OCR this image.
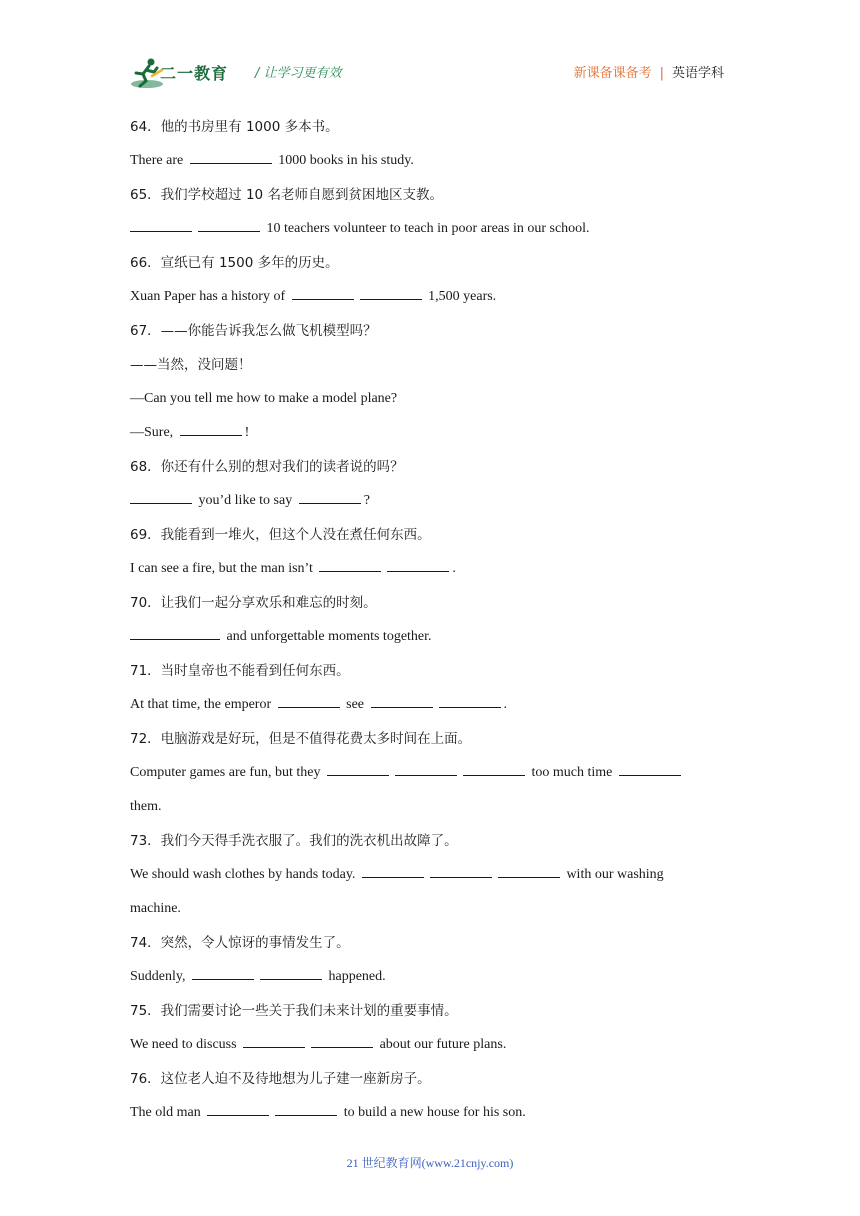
二一教育 / 让学习更有效	新课备课备考 | 英语学科
64．他的书房里有 1000 多本书。
There are	1000 books in his study.
65．我们学校超过 10 名老师自愿到贫困地区支教。
10 teachers volunteer to teach in poor areas in our school.
66．宣纸已有 1500 多年的历史。
Xuan Paper has a history of	1,500 years.
67．——你能告诉我怎么做飞机模型吗？
——当然，没问题！
—Can you tell me how to make a model plane?
—Sure,	!
68．你还有什么别的想对我们的读者说的吗？
you’d like to say	?
69．我能看到一堆火，但这个人没在煮任何东西。
I can see a fire, but the man isn’t	.
70．让我们一起分享欢乐和难忘的时刻。
and unforgettable moments together.
71．当时皇帝也不能看到任何东西。
At that time, the emperor	see	.
72．电脑游戏是好玩，但是不值得花费太多时间在上面。
Computer games are fun, but they	too much time
them.
73．我们今天得手洗衣服了。我们的洗衣机出故障了。
We should wash clothes by hands today.	with our washing
machine.
74．突然，令人惊讶的事情发生了。
Suddenly,	happened.
75．我们需要讨论一些关于我们未来计划的重要事情。
We need to discuss	about our future plans.
76．这位老人迫不及待地想为儿子建一座新房子。
The old man	to build a new house for his son.
21 世纪教育网(www.21cnjy.com)
